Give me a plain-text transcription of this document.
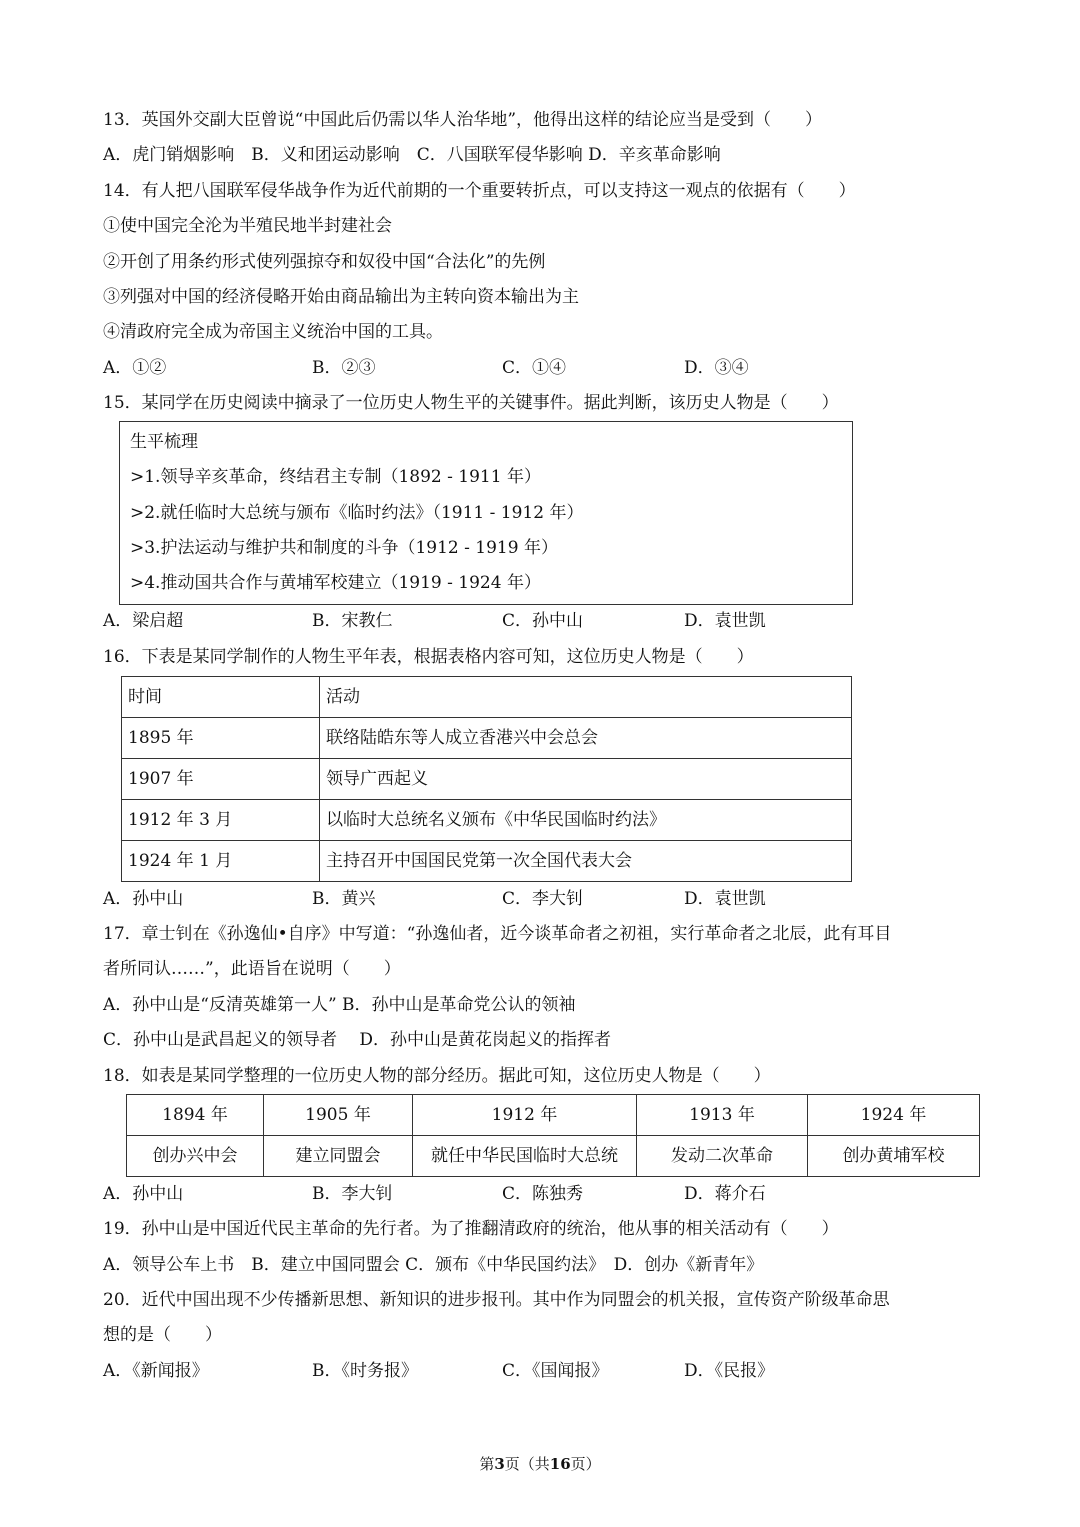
13．英国外交副大臣曾说“中国此后仍需以华人治华地”，他得出这样的结论应当是受到（　　）
A．虎门销烟影响　B．义和团运动影响　C．八国联军侵华影响 D．辛亥革命影响
14．有人把八国联军侵华战争作为近代前期的一个重要转折点，可以支持这一观点的依据有（　　）
①使中国完全沦为半殖民地半封建社会
②开创了用条约形式使列强掠夺和奴役中国“合法化”的先例
③列强对中国的经济侵略开始由商品输出为主转向资本输出为主
④清政府完全成为帝国主义统治中国的工具。
A．①②	B．②③	C．①④	D．③④
15．某同学在历史阅读中摘录了一位历史人物生平的关键事件。据此判断，该历史人物是（　　）
生平梳理
>1.领导辛亥革命，终结君主专制（1892 - 1911 年）
>2.就任临时大总统与颁布《临时约法》（1911 - 1912 年）
>3.护法运动与维护共和制度的斗争（1912 - 1919 年）
>4.推动国共合作与黄埔军校建立（1919 - 1924 年）
A．梁启超	B．宋教仁	C．孙中山	D．袁世凯
16．下表是某同学制作的人物生平年表，根据表格内容可知，这位历史人物是（　　）
时间	活动
1895 年	联络陆皓东等人成立香港兴中会总会
1907 年	领导广西起义
1912 年 3 月	以临时大总统名义颁布《中华民国临时约法》
1924 年 1 月	主持召开中国国民党第一次全国代表大会
A．孙中山	B．黄兴	C．李大钊	D．袁世凯
17．章士钊在《孙逸仙•自序》中写道：“孙逸仙者，近今谈革命者之初祖，实行革命者之北辰，此有耳目
者所同认……”，此语旨在说明（　　）
A．孙中山是“反清英雄第一人” B．孙中山是革命党公认的领袖
C．孙中山是武昌起义的领导者　 D．孙中山是黄花岗起义的指挥者
18．如表是某同学整理的一位历史人物的部分经历。据此可知，这位历史人物是（　　）
1894 年	1905 年	1912 年	1913 年	1924 年
创办兴中会	建立同盟会	就任中华民国临时大总统	发动二次革命	创办黄埔军校
A．孙中山	B．李大钊	C．陈独秀	D．蒋介石
19．孙中山是中国近代民主革命的先行者。为了推翻清政府的统治，他从事的相关活动有（　　）
A．领导公车上书　B．建立中国同盟会 C．颁布《中华民国约法》　D．创办《新青年》
20．近代中国出现不少传播新思想、新知识的进步报刊。其中作为同盟会的机关报，宣传资产阶级革命思
想的是（　　）
A．《新闻报》	B．《时务报》	C．《国闻报》	D．《民报》
第3页（共16页）
